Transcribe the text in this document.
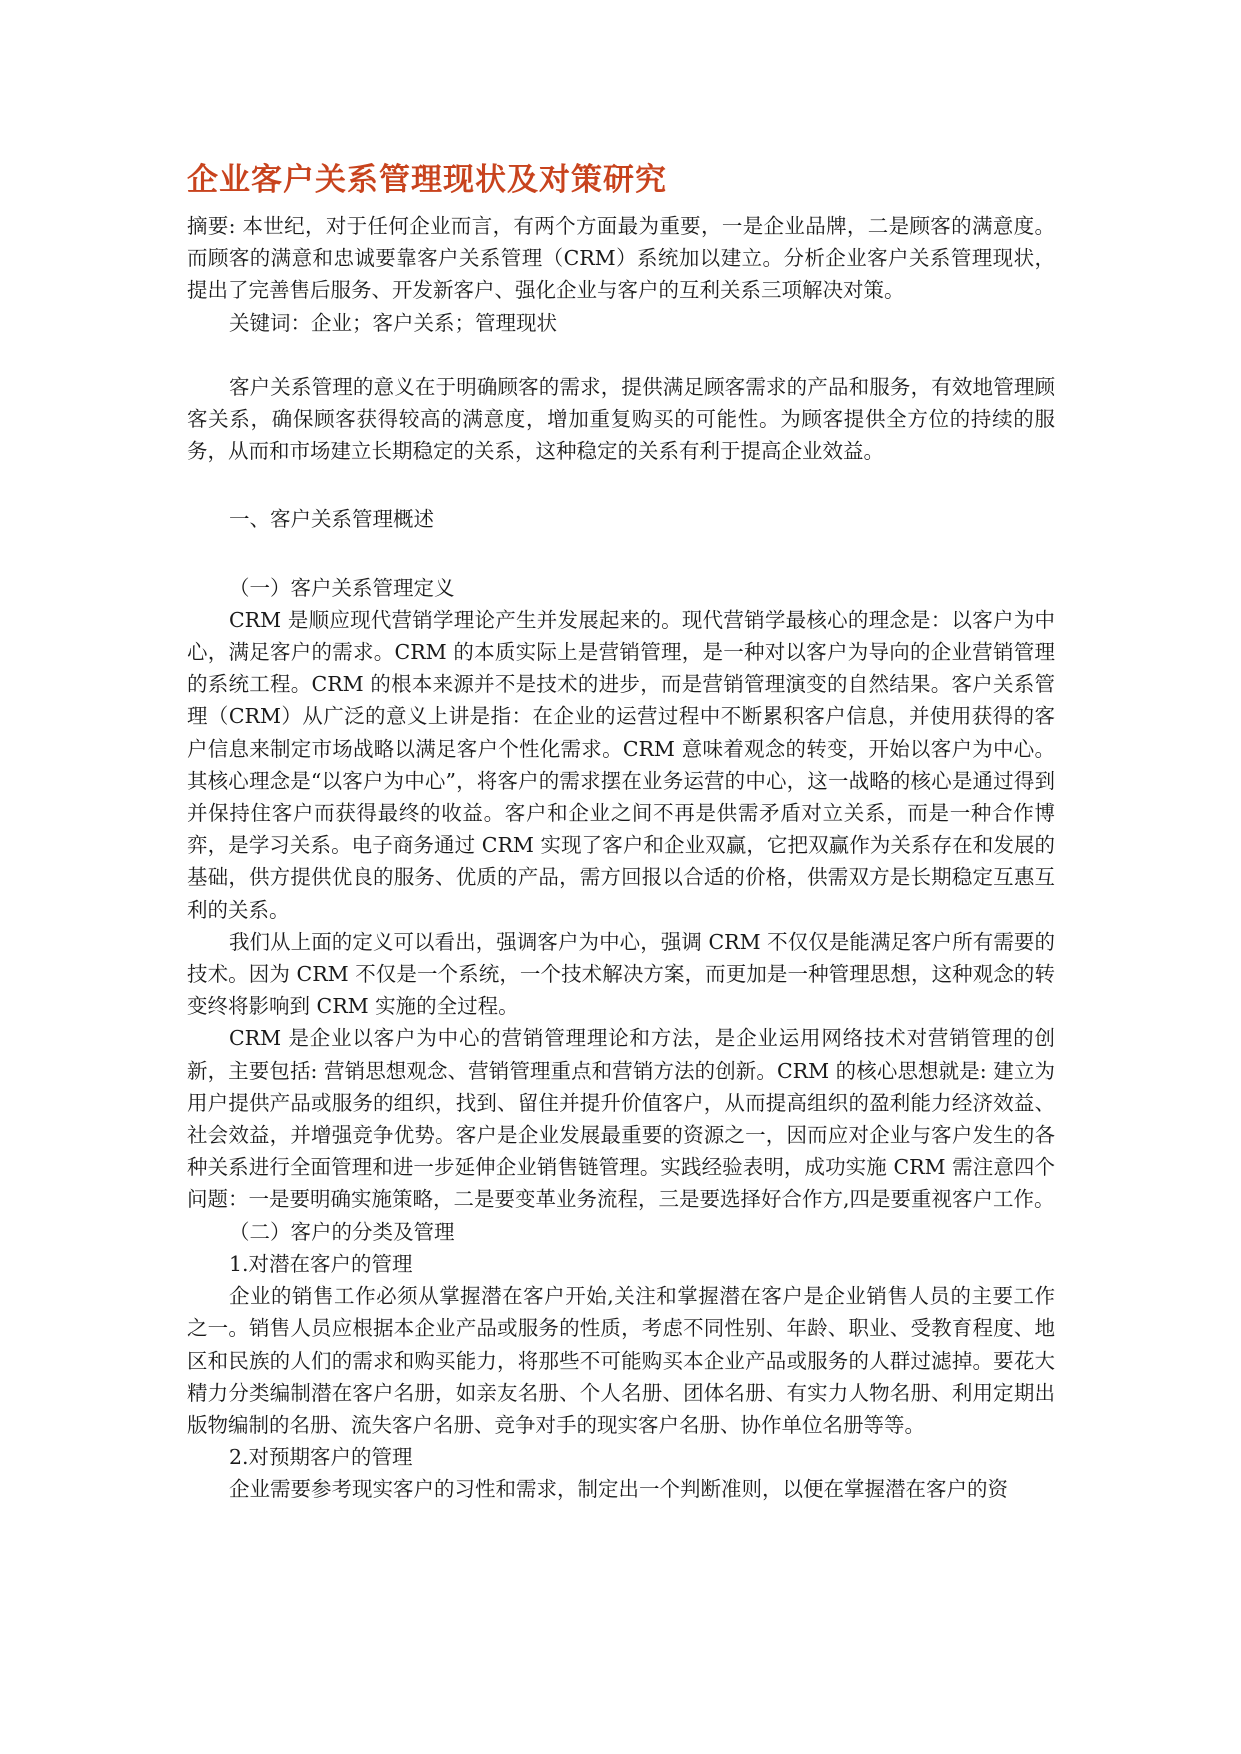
企业客户关系管理现状及对策研究

摘要: 本世纪，对于任何企业而言，有两个方面最为重要，一是企业品牌，二是顾客的满意度。而顾客的满意和忠诚要靠客户关系管理（CRM）系统加以建立。分析企业客户关系管理现状，提出了完善售后服务、开发新客户、强化企业与客户的互利关系三项解决对策。

关键词：企业；客户关系；管理现状

客户关系管理的意义在于明确顾客的需求，提供满足顾客需求的产品和服务，有效地管理顾客关系，确保顾客获得较高的满意度，增加重复购买的可能性。为顾客提供全方位的持续的服务，从而和市场建立长期稳定的关系，这种稳定的关系有利于提高企业效益。

一、客户关系管理概述

（一）客户关系管理定义

CRM 是顺应现代营销学理论产生并发展起来的。现代营销学最核心的理念是：以客户为中心，满足客户的需求。CRM 的本质实际上是营销管理，是一种对以客户为导向的企业营销管理的系统工程。CRM 的根本来源并不是技术的进步，而是营销管理演变的自然结果。客户关系管理（CRM）从广泛的意义上讲是指：在企业的运营过程中不断累积客户信息，并使用获得的客户信息来制定市场战略以满足客户个性化需求。CRM 意味着观念的转变，开始以客户为中心。其核心理念是“以客户为中心”，将客户的需求摆在业务运营的中心，这一战略的核心是通过得到并保持住客户而获得最终的收益。客户和企业之间不再是供需矛盾对立关系，而是一种合作博弈，是学习关系。电子商务通过 CRM 实现了客户和企业双赢，它把双赢作为关系存在和发展的基础，供方提供优良的服务、优质的产品，需方回报以合适的价格，供需双方是长期稳定互惠互利的关系。

我们从上面的定义可以看出，强调客户为中心，强调 CRM 不仅仅是能满足客户所有需要的技术。因为 CRM 不仅是一个系统，一个技术解决方案，而更加是一种管理思想，这种观念的转变终将影响到 CRM 实施的全过程。

CRM 是企业以客户为中心的营销管理理论和方法，是企业运用网络技术对营销管理的创新，主要包括: 营销思想观念、营销管理重点和营销方法的创新。CRM 的核心思想就是: 建立为用户提供产品或服务的组织，找到、留住并提升价值客户，从而提高组织的盈利能力经济效益、社会效益，并增强竞争优势。客户是企业发展最重要的资源之一，因而应对企业与客户发生的各种关系进行全面管理和进一步延伸企业销售链管理。实践经验表明，成功实施 CRM 需注意四个问题：一是要明确实施策略，二是要变革业务流程，三是要选择好合作方,四是要重视客户工作。

（二）客户的分类及管理

1.对潜在客户的管理

企业的销售工作必须从掌握潜在客户开始,关注和掌握潜在客户是企业销售人员的主要工作之一。销售人员应根据本企业产品或服务的性质，考虑不同性别、年龄、职业、受教育程度、地区和民族的人们的需求和购买能力，将那些不可能购买本企业产品或服务的人群过滤掉。要花大精力分类编制潜在客户名册，如亲友名册、个人名册、团体名册、有实力人物名册、利用定期出版物编制的名册、流失客户名册、竞争对手的现实客户名册、协作单位名册等等。

2.对预期客户的管理

企业需要参考现实客户的习性和需求，制定出一个判断准则，以便在掌握潜在客户的资
